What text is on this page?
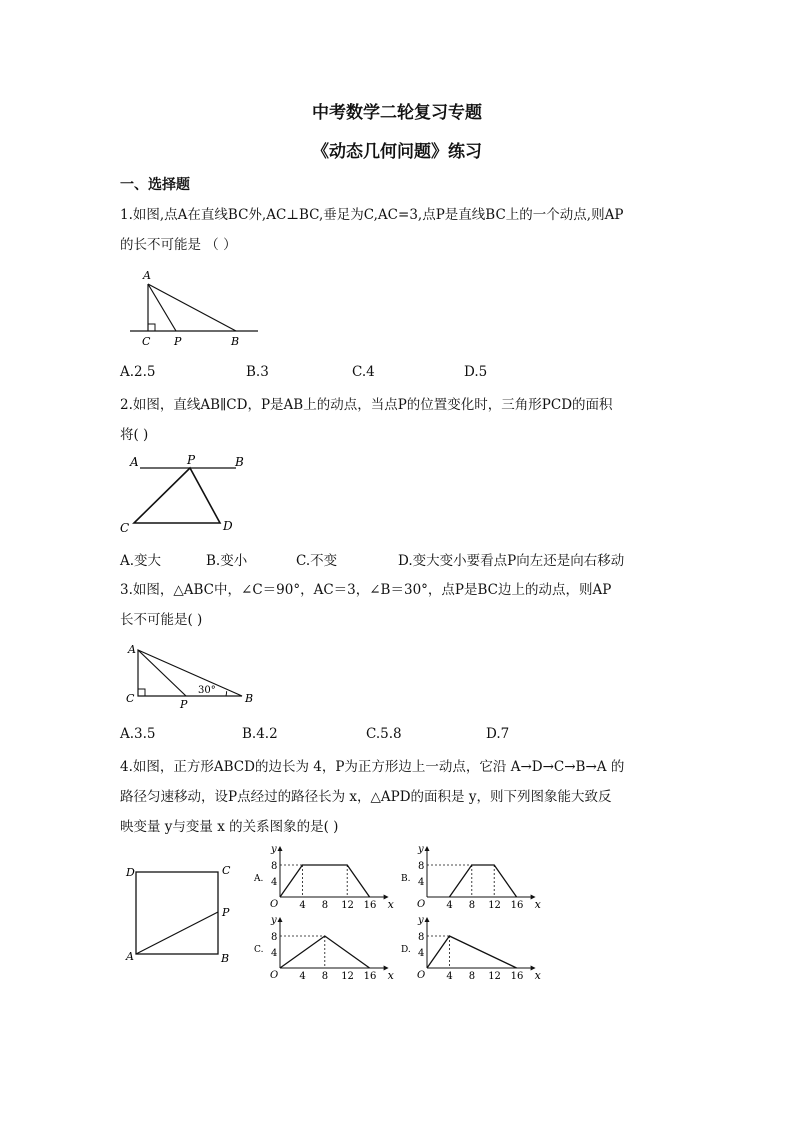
中考数学二轮复习专题
《动态几何问题》练习
一、选择题
1.如图,点A在直线BC外,AC⊥BC,垂足为C,AC=3,点P是直线BC上的一个动点,则AP
的长不可能是 （ ）
A
C P	B
A.2.5	B.3	C.4	D.5
2.如图，直线AB∥CD，P是AB上的动点，当点P的位置变化时，三角形PCD的面积
将( )
A	P	B
C	D
A.变大	B.变小	C.不变	D.变大变小要看点P向左还是向右移动
3.如图，△ABC中，∠C＝90°，AC＝3，∠B＝30°，点P是BC边上的动点，则AP
长不可能是( )
A
C	P	B
30°
A.3.5	B.4.2	C.5.8	D.7
4.如图，正方形ABCD的边长为 4，P为正方形边上一动点，它沿 A→D→C→B→A 的
路径匀速移动，设P点经过的路径长为 x，△APD的面积是 y，则下列图象能大致反
映变量 y与变量 x 的关系图象的是( )
D	C
P
A	B
y
x
O
A.
8
4
4 8 12 16
y
x
O
B.
8
4
4 8 12 16
y
x
O
C.
8
4
4 8 12 16
y
x
O
D.
8
4
4 8 12 16
